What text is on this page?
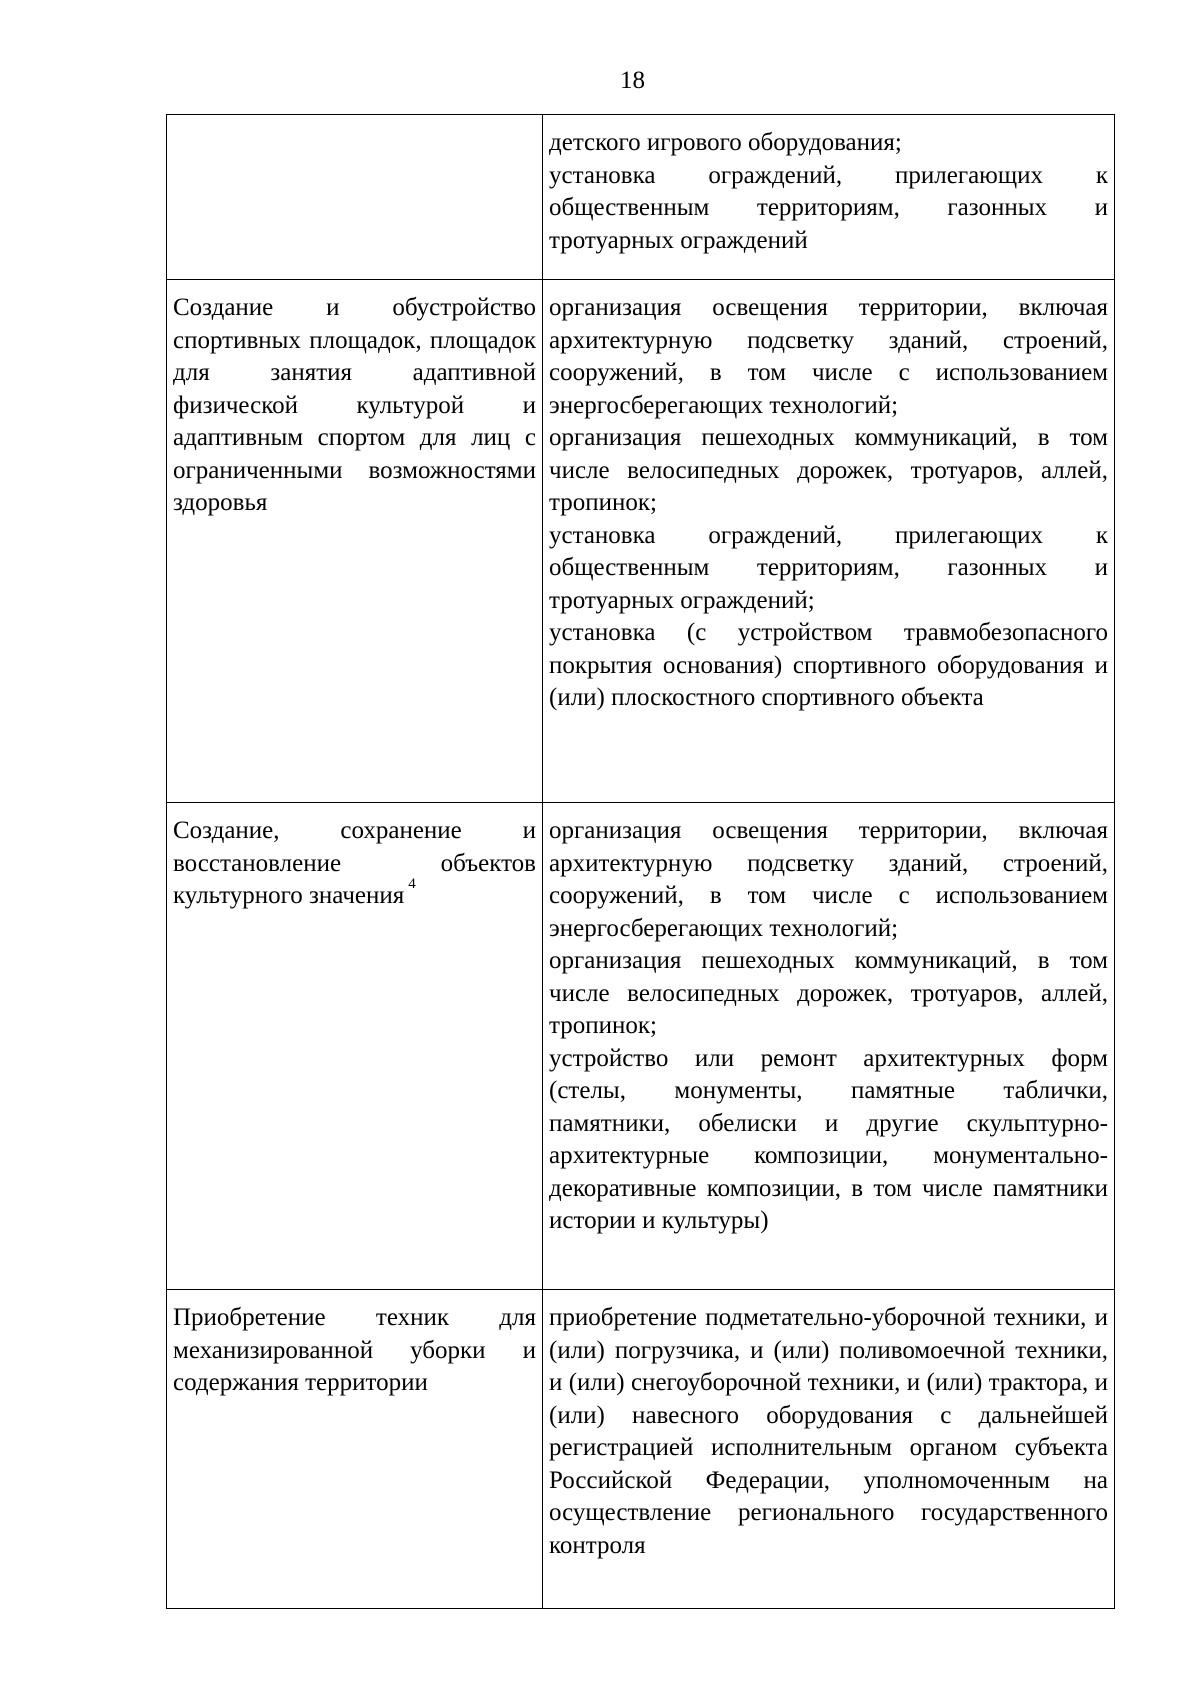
18

	детского игрового оборудования;
установка ограждений, прилегающих к общественным территориям, газонных и тротуарных ограждений

Создание и обустройство спортивных площадок, площадок для занятия адаптивной физической культурой и адаптивным спортом для лиц с ограниченными возможностями здоровья	организация освещения территории, включая архитектурную подсветку зданий, строений, сооружений, в том числе с использованием энергосберегающих технологий;
организация пешеходных коммуникаций, в том числе велосипедных дорожек, тротуаров, аллей, тропинок;
установка ограждений, прилегающих к общественным территориям, газонных и тротуарных ограждений;
установка (с устройством травмобезопасного покрытия основания) спортивного оборудования и (или) плоскостного спортивного объекта

Создание, сохранение и восстановление объектов культурного значения $^4$	организация освещения территории, включая архитектурную подсветку зданий, строений, сооружений, в том числе с использованием энергосберегающих технологий;
организация пешеходных коммуникаций, в том числе велосипедных дорожек, тротуаров, аллей, тропинок;
устройство или ремонт архитектурных форм (стелы, монументы, памятные таблички, памятники, обелиски и другие скульптурно-архитектурные композиции, монументально-декоративные композиции, в том числе памятники истории и культуры)

Приобретение техник для механизированной уборки и содержания территории	приобретение подметательно-уборочной техники, и (или) погрузчика, и (или) поливомоечной техники, и (или) снегоуборочной техники, и (или) трактора, и (или) навесного оборудования с дальнейшей регистрацией исполнительным органом субъекта Российской Федерации, уполномоченным на осуществление регионального государственного контроля
